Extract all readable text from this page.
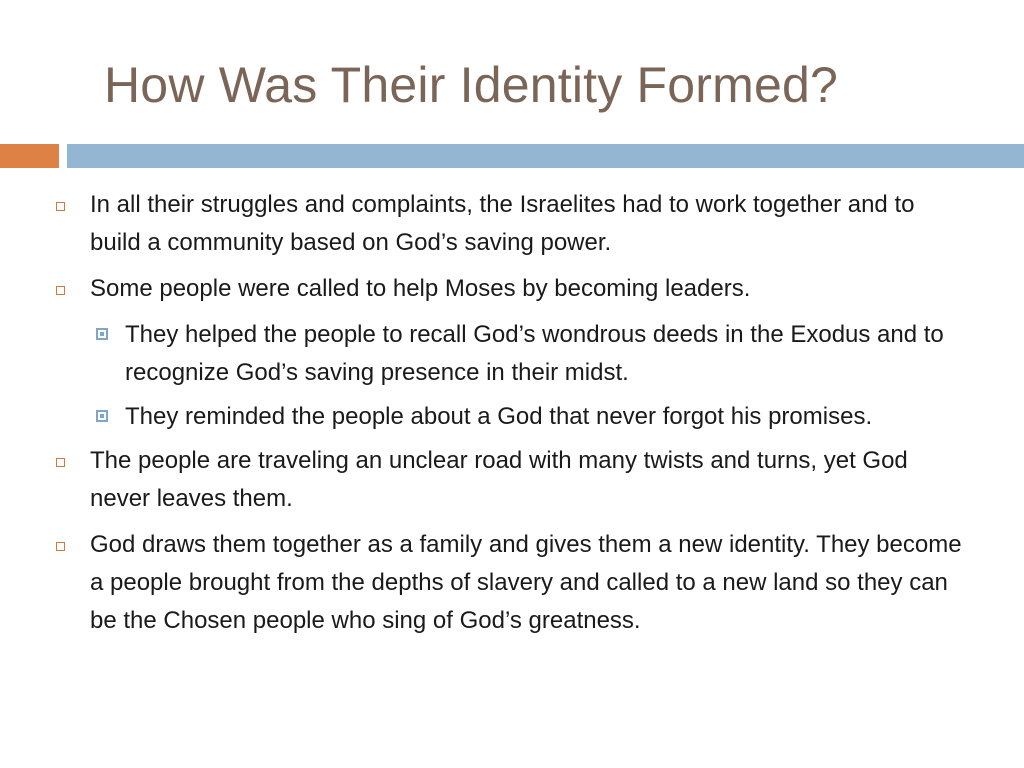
How Was Their Identity Formed?
In all their struggles and complaints, the Israelites had to work together and to build a community based on God’s saving power.
Some people were called to help Moses by becoming leaders.
They helped the people to recall God’s wondrous deeds in the Exodus and to recognize God’s saving presence in their midst.
They reminded the people about a God that never forgot his promises.
The people are traveling an unclear road with many twists and turns, yet God never leaves them.
God draws them together as a family and gives them a new identity. They become a people brought from the depths of slavery and called to a new land so they can be the Chosen people who sing of God’s greatness.
